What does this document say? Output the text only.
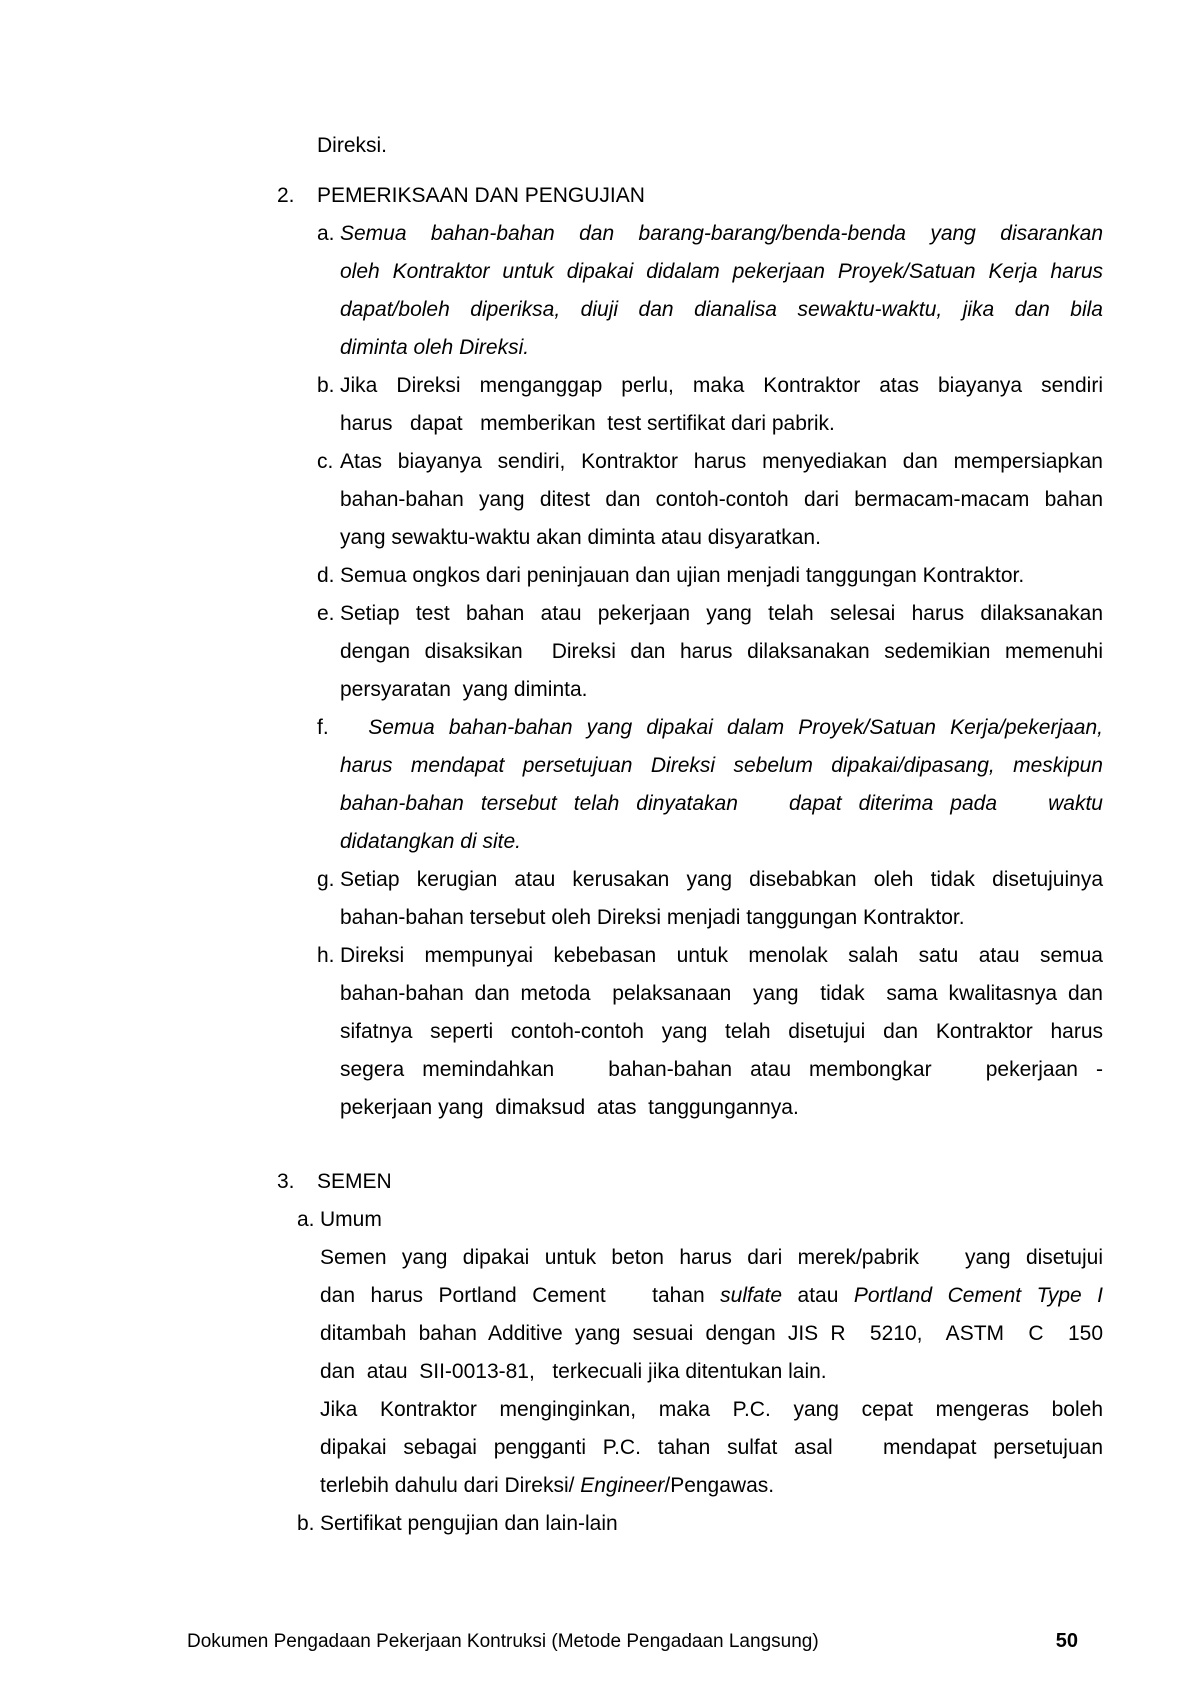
Direksi.
2.	PEMERIKSAAN DAN PENGUJIAN
a. Semua bahan-bahan dan barang-barang/benda-benda yang disarankan
oleh Kontraktor untuk dipakai didalam pekerjaan Proyek/Satuan Kerja harus
dapat/boleh diperiksa, diuji dan dianalisa sewaktu-waktu, jika dan bila
diminta oleh Direksi.
b. Jika Direksi menganggap perlu, maka Kontraktor atas biayanya sendiri
harus   dapat   memberikan  test sertifikat dari pabrik.
c. Atas biayanya sendiri, Kontraktor harus menyediakan dan mempersiapkan
bahan-bahan yang ditest dan contoh-contoh dari bermacam-macam bahan
yang sewaktu-waktu akan diminta atau disyaratkan.
d. Semua ongkos dari peninjauan dan ujian menjadi tanggungan Kontraktor.
e. Setiap test bahan atau pekerjaan yang telah selesai harus dilaksanakan
dengan disaksikan  Direksi dan harus dilaksanakan sedemikian memenuhi
persyaratan  yang diminta.
f. Semua bahan-bahan yang dipakai dalam Proyek/Satuan Kerja/pekerjaan,
harus mendapat persetujuan Direksi sebelum dipakai/dipasang, meskipun
bahan-bahan tersebut telah dinyatakan   dapat diterima pada   waktu
didatangkan di site.
g. Setiap kerugian atau kerusakan yang disebabkan oleh tidak disetujuinya
bahan-bahan tersebut oleh Direksi menjadi tanggungan Kontraktor.
h. Direksi mempunyai kebebasan untuk menolak salah satu atau semua
bahan-bahan dan metoda  pelaksanaan  yang  tidak  sama kwalitasnya dan
sifatnya seperti contoh-contoh yang telah disetujui dan Kontraktor harus
segera memindahkan   bahan-bahan atau membongkar   pekerjaan -
pekerjaan yang  dimaksud  atas  tanggungannya.
3.	SEMEN
a. Umum
Semen yang dipakai untuk beton harus dari merek/pabrik   yang disetujui
dan harus Portland Cement   tahan sulfate atau Portland Cement Type I
ditambah bahan Additive yang sesuai dengan JIS R  5210,  ASTM  C  150
dan  atau  SII-0013-81,   terkecuali jika ditentukan lain.
Jika Kontraktor menginginkan, maka P.C. yang cepat mengeras boleh
dipakai sebagai pengganti P.C. tahan sulfat asal   mendapat persetujuan
terlebih dahulu dari Direksi/ Engineer/Pengawas.
b. Sertifikat pengujian dan lain-lain
Dokumen Pengadaan Pekerjaan Kontruksi (Metode Pengadaan Langsung)	50
